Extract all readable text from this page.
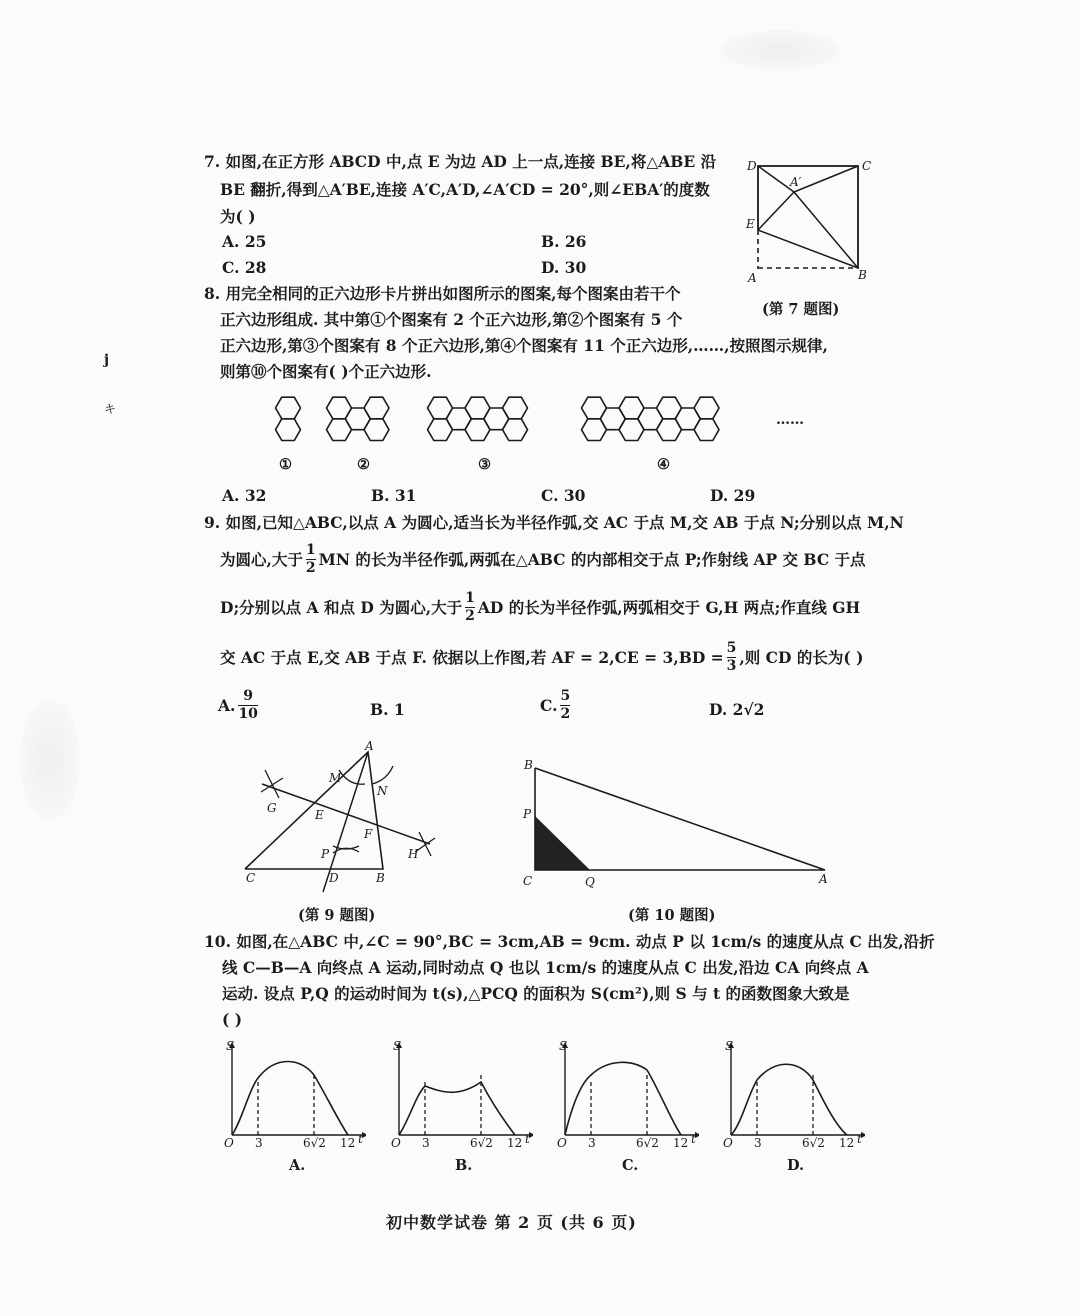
j
キ
7. 如图,在正方形 ABCD 中,点 E 为边 AD 上一点,连接 BE,将△ABE 沿
BE 翻折,得到△A′BE,连接 A′C,A′D,∠A′CD = 20°,则∠EBA′的度数
为( )
A. 25	B. 26
C. 28	D. 30
D	C
A′
E
A	B
(第 7 题图)
8. 用完全相同的正六边形卡片拼出如图所示的图案,每个图案由若干个
正六边形组成. 其中第①个图案有 2 个正六边形,第②个图案有 5 个
正六边形,第③个图案有 8 个正六边形,第④个图案有 11 个正六边形,……,按照图示规律,
则第⑩个图案有( )个正六边形.
……
①	②	③	④
A. 32	B. 31	C. 30	D. 29
9. 如图,已知△ABC,以点 A 为圆心,适当长为半径作弧,交 AC 于点 M,交 AB 于点 N;分别以点 M,N
为圆心,大于 $\frac{1}{2}$ MN 的长为半径作弧,两弧在△ABC 的内部相交于点 P;作射线 AP 交 BC 于点
D;分别以点 A 和点 D 为圆心,大于 $\frac{1}{2}$ AD 的长为半径作弧,两弧相交于 G,H 两点;作直线 GH
交 AC 于点 E,交 AB 于点 F. 依据以上作图,若 AF = $2,CE = 3,BD = \frac{5}{3}$ ,则 CD 的长为( )
A. $\frac{9}{10}$	B. 1	C. $\frac{5}{2}$	D. 2√2
A
M
N
G	E
F
P	H
C	D	B
(第 9 题图)
B
P
C	Q	A
(第 10 题图)
10. 如图,在△ABC 中,∠C = 90°,BC = 3cm,AB = 9cm. 动点 P 以 1cm/s 的速度从点 C 出发,沿折
线 C—B—A 向终点 A 运动,同时动点 Q 也以 1cm/s 的速度从点 C 出发,沿边 CA 向终点 A
运动. 设点 P,Q 的运动时间为 t(s),△PCQ 的面积为 S(cm²),则 S 与 t 的函数图象大致是
( )
S
O 3	6√2 12 t
S
O 3	6√2 12 t
S
O 3	6√2 12 t
S
O 3	6√2 12 t
A.	B.	C.	D.
初中数学试卷 第 2 页 (共 6 页)
